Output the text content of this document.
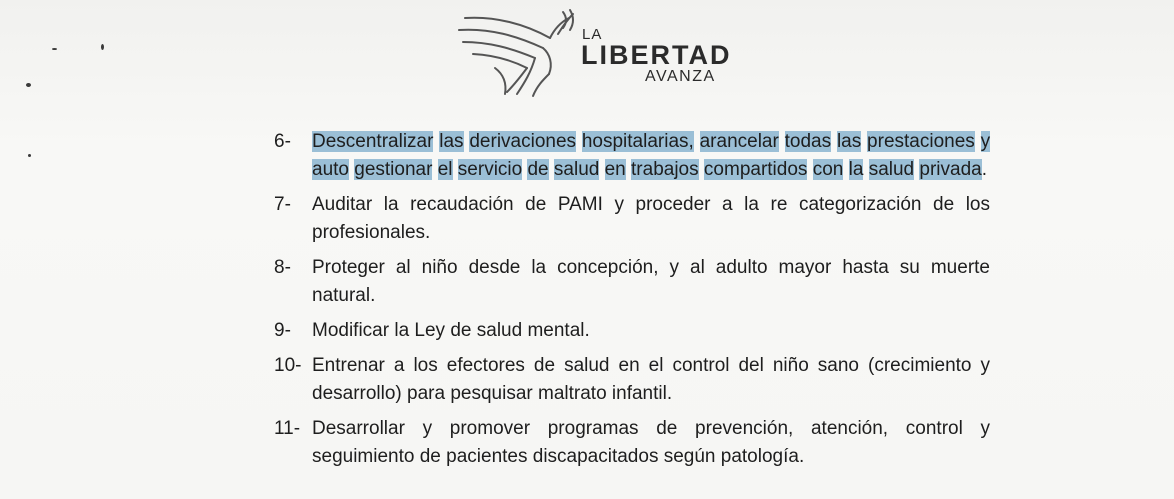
LA
LIBERTAD
AVANZA
6-	Descentralizar las derivaciones hospitalarias, arancelar todas las prestaciones y auto gestionar el servicio de salud en trabajos compartidos con la salud privada.
7-	Auditar la recaudación de PAMI y proceder a la re categorización de los profesionales.
8-	Proteger al niño desde la concepción, y al adulto mayor hasta su muerte natural.
9-	Modificar la Ley de salud mental.
10- Entrenar a los efectores de salud en el control del niño sano (crecimiento y desarrollo) para pesquisar maltrato infantil.
11- Desarrollar y promover programas de prevención, atención, control y seguimiento de pacientes discapacitados según patología.
